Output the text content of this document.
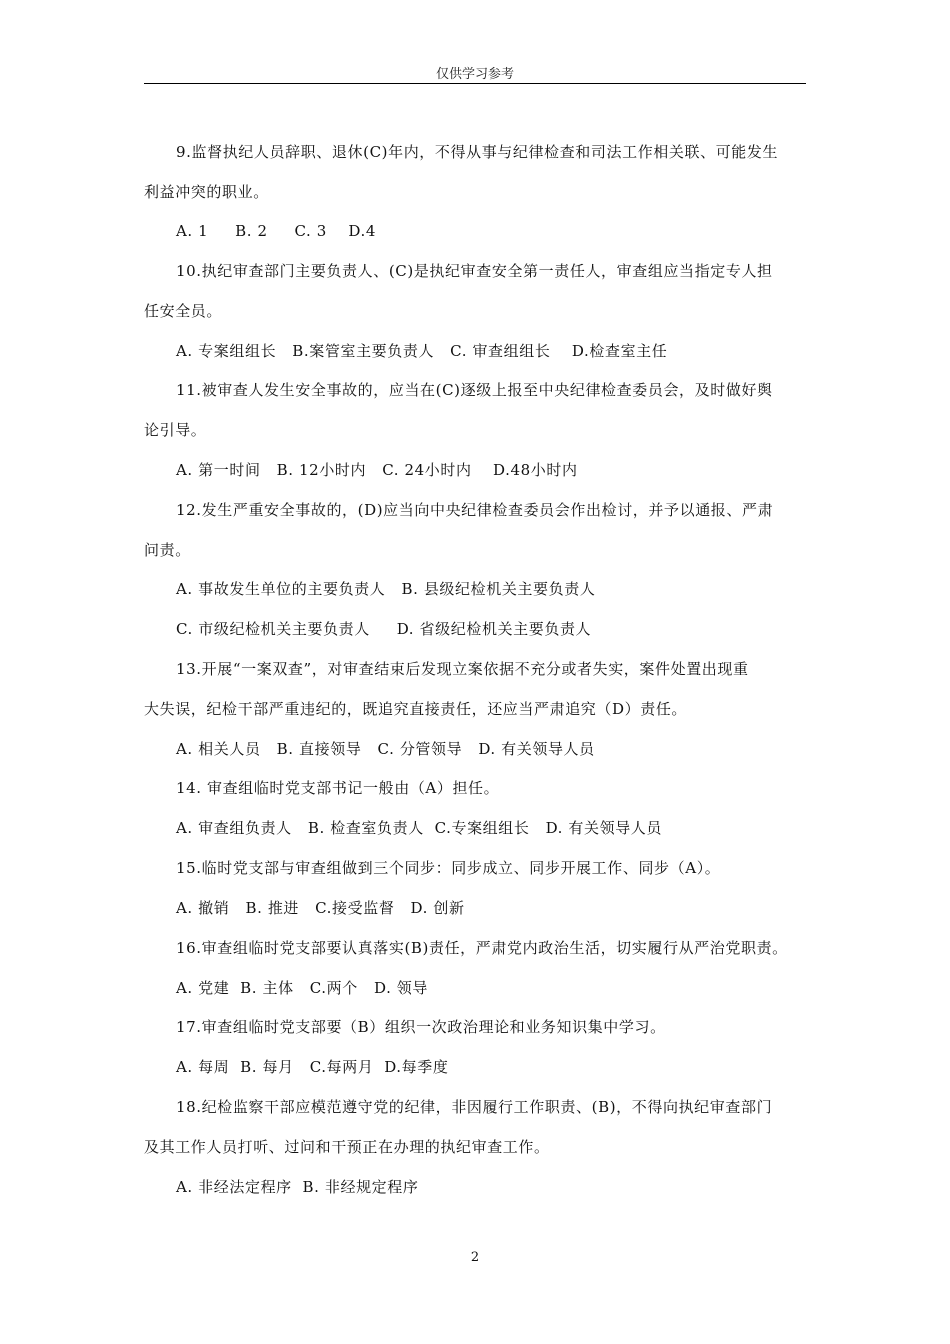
仅供学习参考

9.监督执纪人员辞职、退休(C)年内，不得从事与纪律检查和司法工作相关联、可能发生

利益冲突的职业。

A. 1     B. 2     C. 3    D.4

10.执纪审查部门主要负责人、(C)是执纪审查安全第一责任人，审查组应当指定专人担

任安全员。

A. 专案组组长   B.案管室主要负责人   C. 审查组组长    D.检查室主任

11.被审查人发生安全事故的，应当在(C)逐级上报至中央纪律检查委员会，及时做好舆

论引导。

A. 第一时间   B. 12小时内   C. 24小时内    D.48小时内

12.发生严重安全事故的，(D)应当向中央纪律检查委员会作出检讨，并予以通报、严肃

问责。

A. 事故发生单位的主要负责人   B. 县级纪检机关主要负责人

C. 市级纪检机关主要负责人     D. 省级纪检机关主要负责人

13.开展“一案双查”，对审查结束后发现立案依据不充分或者失实，案件处置出现重

大失误，纪检干部严重违纪的，既追究直接责任，还应当严肃追究（D）责任。

A. 相关人员   B. 直接领导   C. 分管领导   D. 有关领导人员

14. 审查组临时党支部书记一般由（A）担任。

A. 审查组负责人   B. 检查室负责人  C.专案组组长   D. 有关领导人员

15.临时党支部与审查组做到三个同步：同步成立、同步开展工作、同步（A）。

A. 撤销   B. 推进   C.接受监督   D. 创新

16.审查组临时党支部要认真落实(B)责任，严肃党内政治生活，切实履行从严治党职责。

A. 党建  B. 主体   C.两个   D. 领导

17.审查组临时党支部要（B）组织一次政治理论和业务知识集中学习。

A. 每周  B. 每月   C.每两月  D.每季度

18.纪检监察干部应模范遵守党的纪律，非因履行工作职责、(B)，不得向执纪审查部门

及其工作人员打听、过问和干预正在办理的执纪审查工作。

A. 非经法定程序  B. 非经规定程序

2
